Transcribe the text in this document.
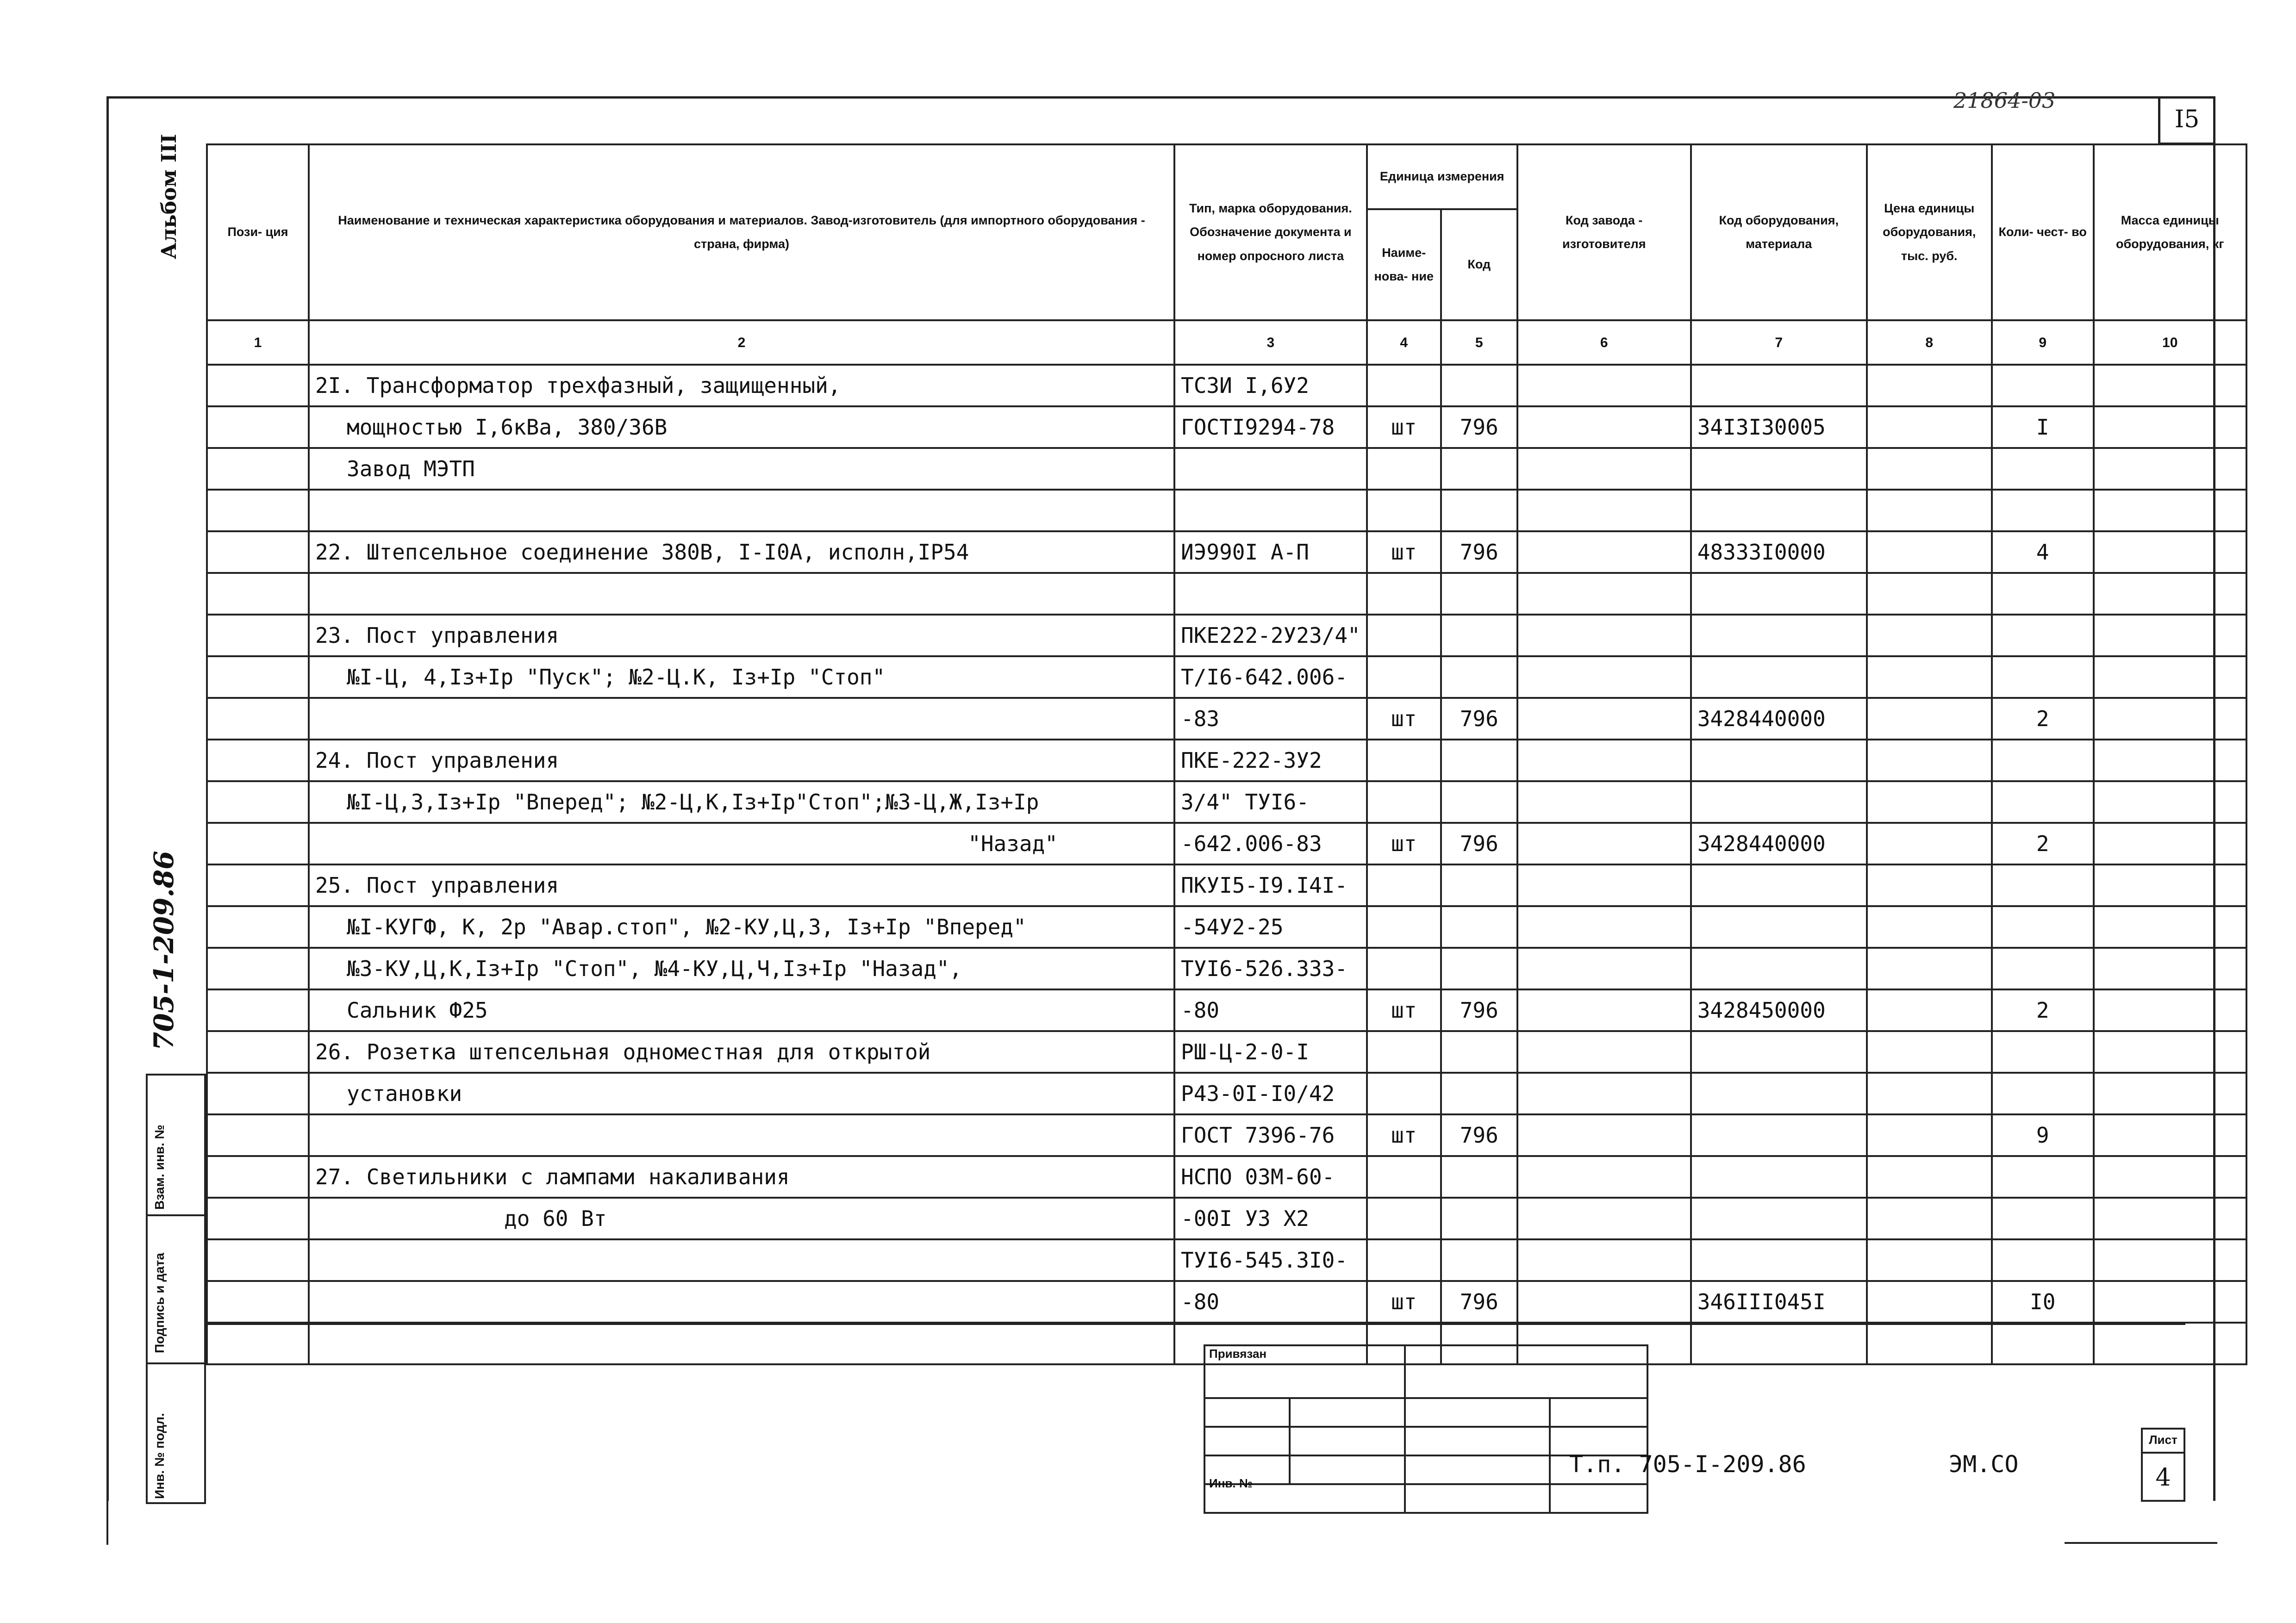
21864-03
I5
Альбом III
705-1-209.86
Взам. инв. №
Подпись и дата
Инв. № подл.
Пози- ция	Наименование и техническая характеристика оборудования и материалов. Завод-изготовитель (для импортного оборудования - страна, фирма)	Тип, марка оборудования. Обозначение документа и номер опросного листа	Единица измерения		Код завода - изготовителя	Код оборудования, материала	Цена единицы оборудования, тыс. руб.	Коли- чест- во	Масса единицы оборудования, кг
			Наиме- нова- ние	Код					
1	2	3	4	5	6	7	8	9	10
	2I. Трансформатор трехфазный, защищенный,	ТСЗИ I,6У2							
	мощностью I,6кВа, 380/36В	ГОСТI9294-78	шт	796		34I3I30005		I	
	Завод МЭТП								

	22. Штепсельное соединение 380В, I-I0А, исполн,IP54	ИЭ990I А-П	шт	796		48333I0000		4	

	23. Пост управления	ПКЕ222-2У23/4"							
	№I-Ц, 4,Iз+Iр "Пуск"; №2-Ц.К, Iз+Iр "Стоп"	Т/I6-642.006-							
		-83	шт	796		3428440000		2	
	24. Пост управления	ПКЕ-222-3У2							
	№I-Ц,3,Iз+Iр "Вперед"; №2-Ц,К,Iз+Iр"Стоп";№3-Ц,Ж,Iз+Iр	3/4" ТУI6-							
	"Назад"	-642.006-83	шт	796		3428440000		2	
	25. Пост управления	ПКУI5-I9.I4I-							
	№I-КУГФ, К, 2р "Авар.стоп", №2-КУ,Ц,З, Iз+Iр "Вперед"	-54У2-25							
	№3-КУ,Ц,К,Iз+Iр "Стоп", №4-КУ,Ц,Ч,Iз+Iр "Назад",	ТУI6-526.333-							
	Сальник Ф25	-80	шт	796		3428450000		2	
	26. Розетка штепсельная одноместная для открытой	РШ-Ц-2-0-I							
	установки	Р43-0I-I0/42							
		ГОСТ 7396-76	шт	796				9	
	27. Светильники с лампами накаливания	НСПО 03М-60-							
	до 60 Вт	-00I УЗ Х2							
		ТУI6-545.3I0-							
		-80	шт	796		346III045I		I0	

Привязан
Инв. №
Т.п. 705-I-209.86	ЭМ.СО
Лист
4
